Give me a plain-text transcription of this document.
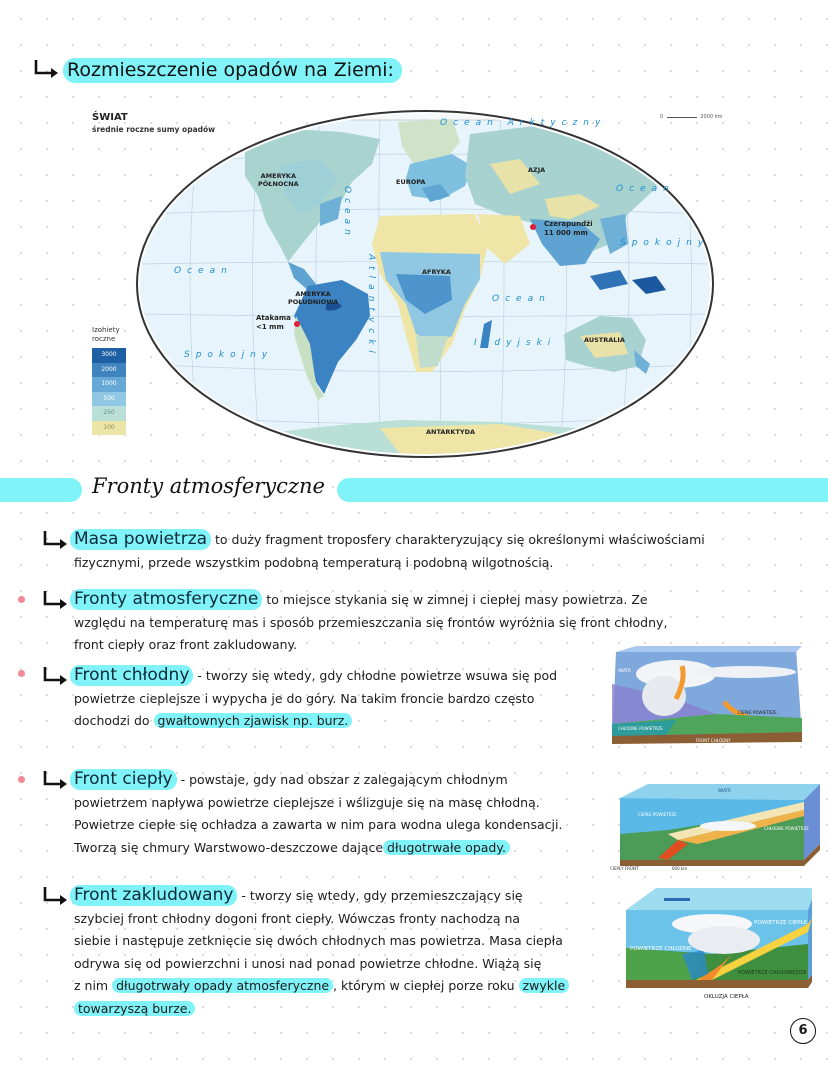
Rozmieszczenie opadów na Ziemi:
AMERYKA
PÓŁNOCNA
AMERYKA
POŁUDNIOWA
EUROPA
AZJA
AFRYKA
AUSTRALIA
ANTARKTYDA
Ocean Arktyczny
Ocean
Spokojny
Ocean
Spokojny
Ocean
Indyjski
Ocean
Atlantycki
Czerapundżi
11 000 mm
Atakama
<1 mm
ŚWIAT
średnie roczne sumy opadów
0	2000 km
Izohiety
roczne
3000
2000
1000
500
250
100
Fronty atmosferyczne
Masa powietrza to duży fragment troposfery charakteryzujący się określonymi właściwościami
fizycznymi, przede wszystkim podobną temperaturą i podobną wilgotnością.
Fronty atmosferyczne to miejsce stykania się w zimnej i ciepłej masy powietrza. Ze
względu na temperaturę mas i sposób przemieszczania się frontów wyróżnia się front chłodny,
front ciepły oraz front zakludowany.
Front chłodny - tworzy się wtedy, gdy chłodne powietrze wsuwa się pod
powietrze cieplejsze i wypycha je do góry. Na takim froncie bardzo często
dochodzi do gwałtownych zjawisk np. burz.
WIATR
CIEPŁE POWIETRZE
CHŁODNE POWIETRZE
FRONT CHŁODNY
Front ciepły - powstaje, gdy nad obszar z zalegającym chłodnym
powietrzem napływa powietrze cieplejsze i wślizguje się na masę chłodną.
Powietrze ciepłe się ochładza a zawarta w nim para wodna ulega kondensacji.
Tworzą się chmury Warstwowo-deszczowe dające długotrwałe opady.
CIEPŁE POWIETRZE
CHŁODNE POWIETRZE
WIATR
CIEPŁY FRONT	600 km
Front zakludowany - tworzy się wtedy, gdy przemieszczający się
szybciej front chłodny dogoni front ciepły. Wówczas fronty nachodzą na
siebie i następuje zetknięcie się dwóch chłodnych mas powietrza. Masa ciepła
odrywa się od powierzchni i unosi nad ponad powietrze chłodne. Wiążą się
z nim długotrwały opady atmosferyczne , którym w ciepłej porze roku zwykle
towarzyszą burze.
POWIETRZE CIEPŁE
POWIETRZE CHŁODNE
POWIETRZE CHŁODNIEJSZE
OKLUZJA CIEPŁA
6
